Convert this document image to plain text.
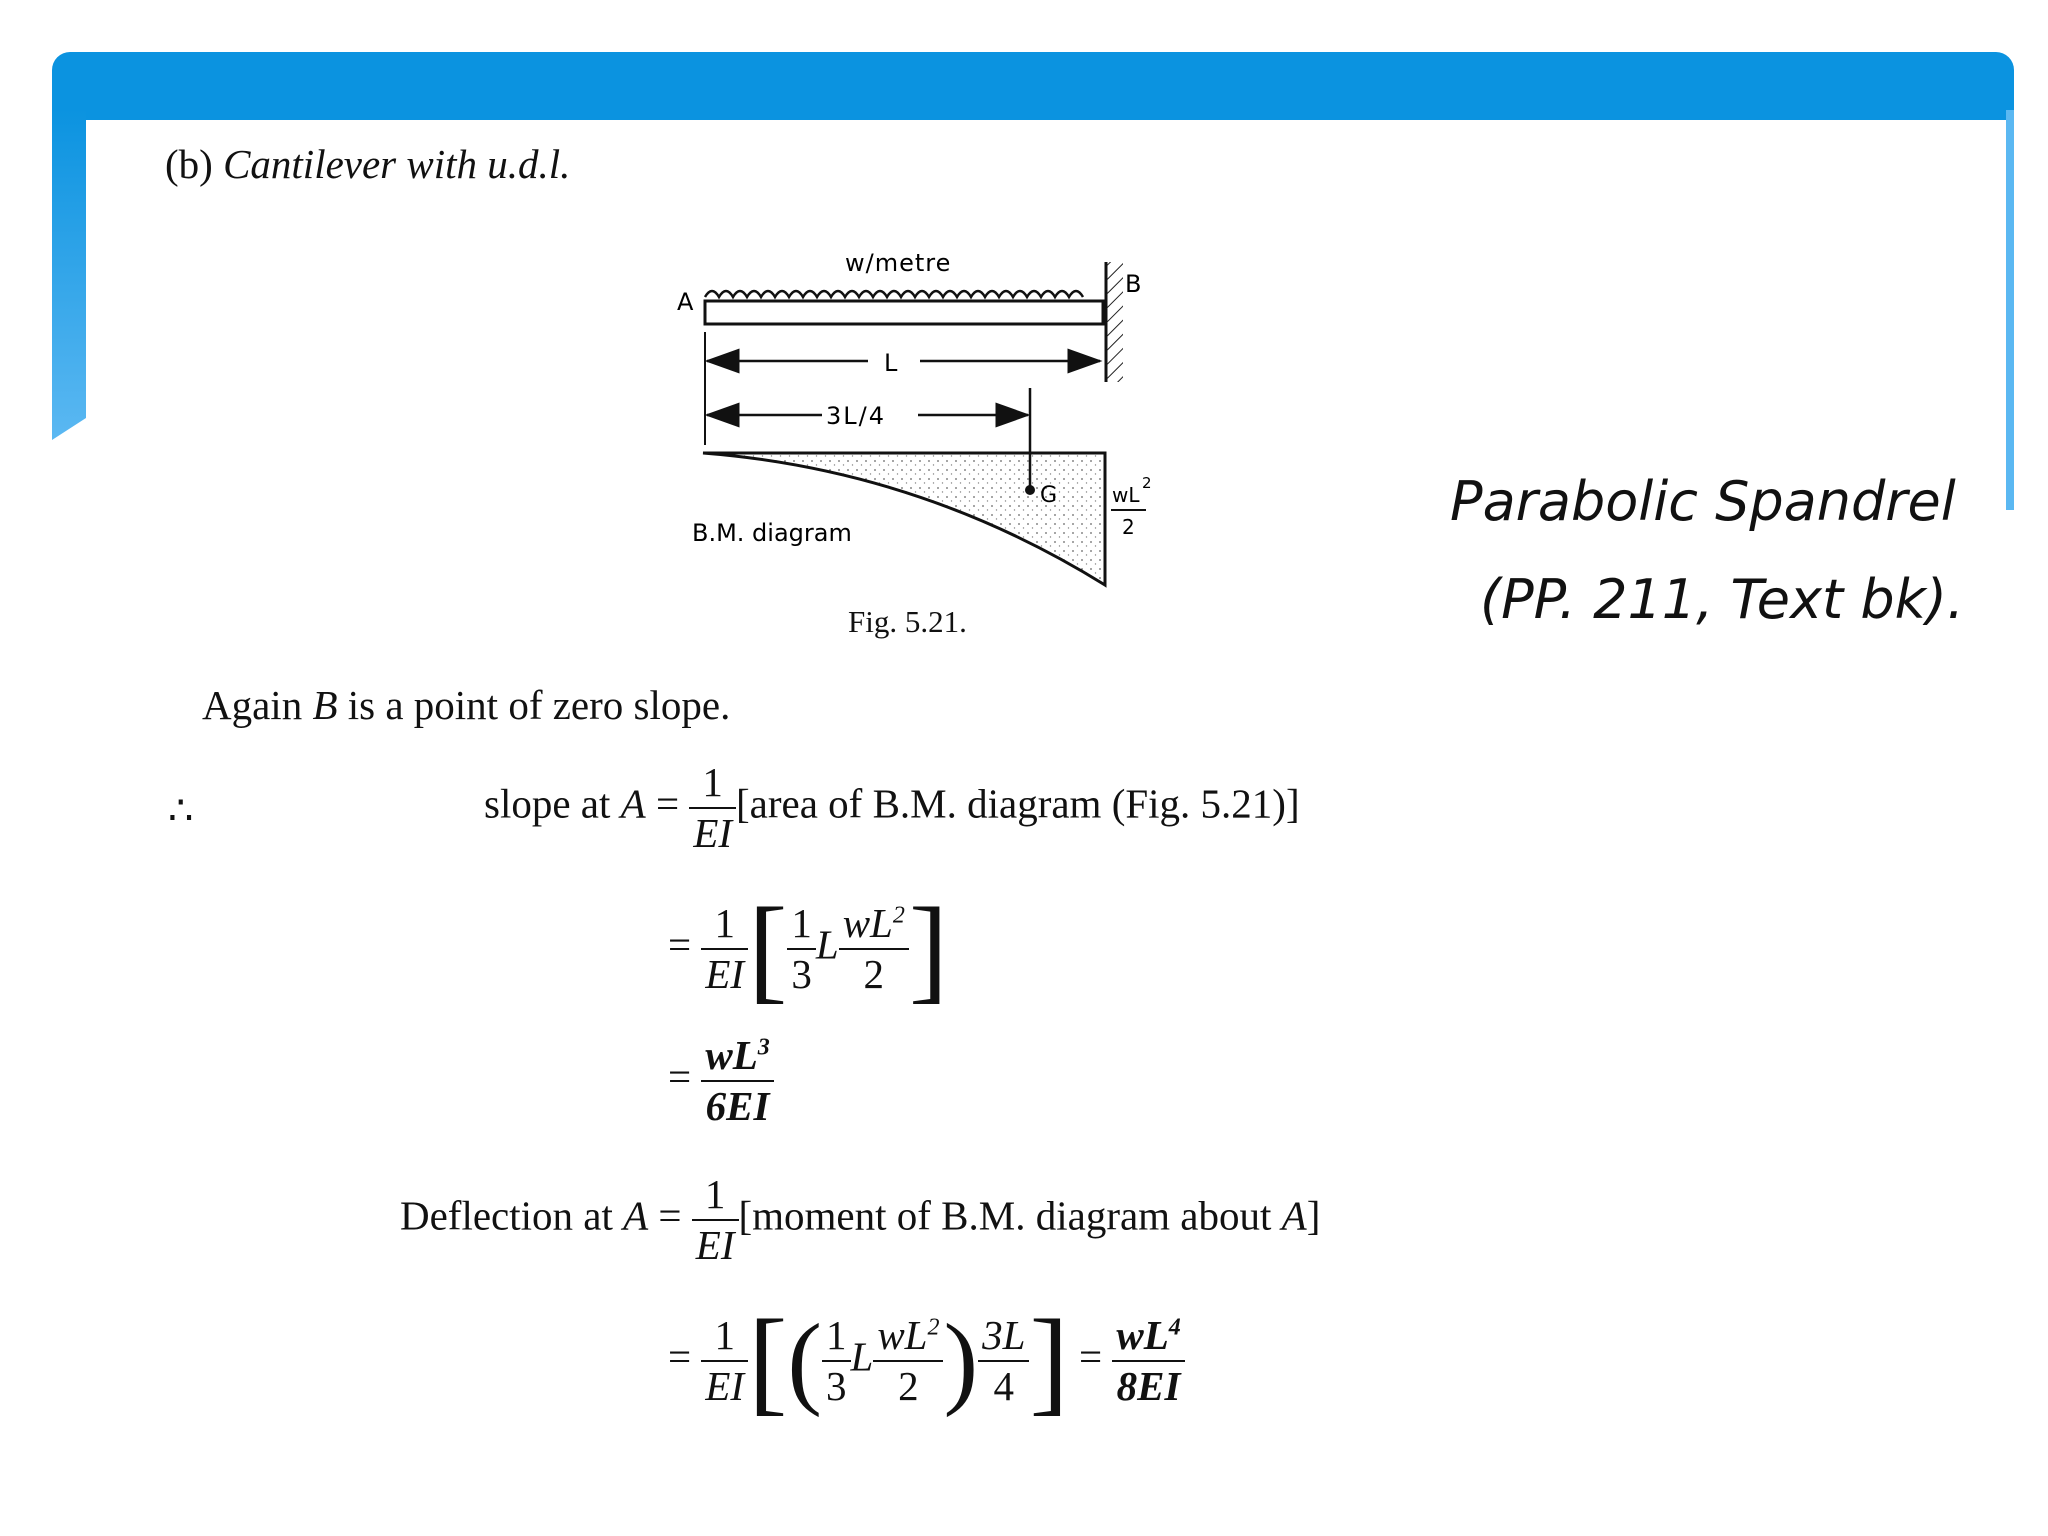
(b) Cantilever with u.d.l.
w/metre
A
B
L
3L/4
G
B.M. diagram
wL 2
2
Fig. 5.21.
Parabolic Spandrel
(PP. 211, Text bk).
Again B is a point of zero slope.
∴	slope at $A = \frac{1}{EI}$ [area of B.M. diagram (Fig. 5.21)]
= $\frac{1}{EI}$ [ $\frac{1}{3}$ L $\frac{wL^2}{2}$ ]
= $\frac{wL^3}{6EI}$
Deflection at $A = \frac{1}{EI}$ [moment of B.M. diagram about A]
= $\frac{1}{EI}$ [( $\frac{1}{3}$ L $\frac{wL^2}{2}$ ) $\frac{3L}{4}$ ] = $\frac{wL^4}{8EI}$
